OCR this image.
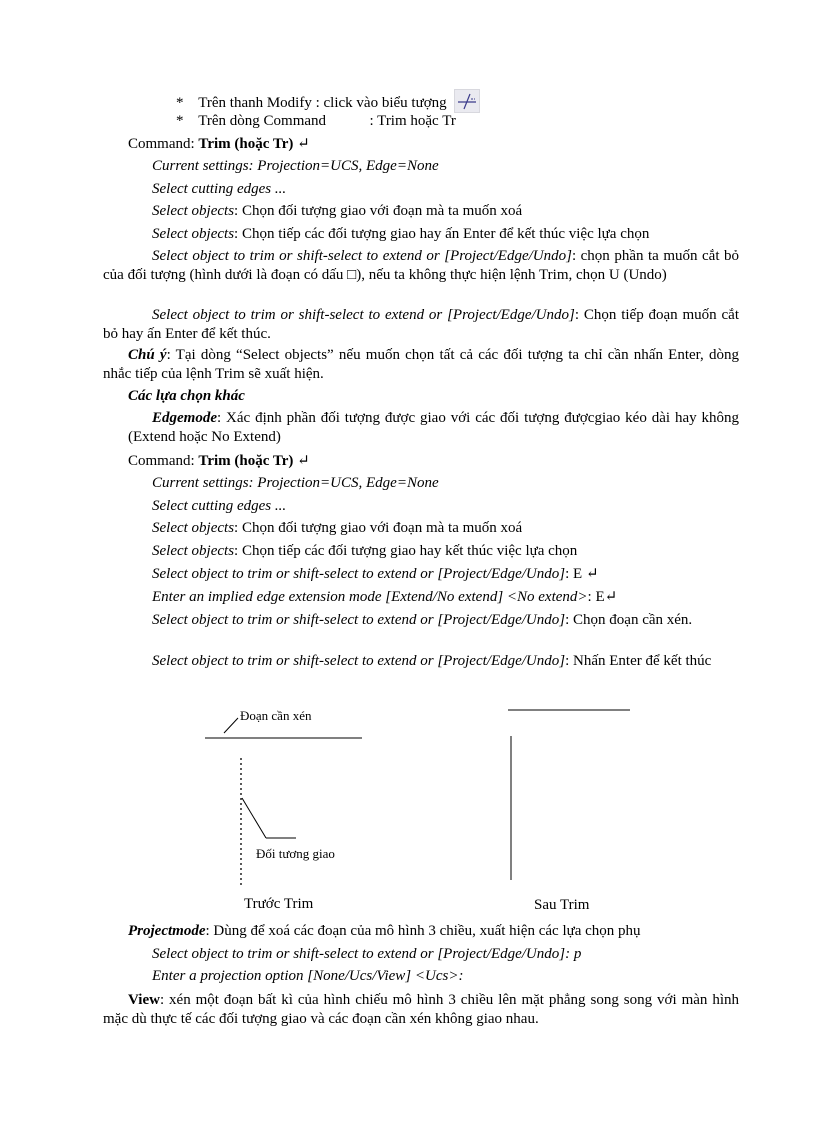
* Trên thanh Modify : click vào biểu tượng
* Trên dòng Command	: Trim hoặc Tr
Command: Trim (hoặc Tr) ↵
Current settings: Projection=UCS, Edge=None
Select cutting edges ...
Select objects: Chọn đối tượng giao với đoạn mà ta muốn xoá
Select objects: Chọn tiếp các đối tượng giao hay ấn Enter để kết thúc việc lựa chọn
Select object to trim or shift-select to extend or [Project/Edge/Undo]: chọn phần ta muốn cắt bỏ của đối tượng (hình dưới là đoạn có dấu □), nếu ta không thực hiện lệnh Trim, chọn U (Undo)
Select object to trim or shift-select to extend or [Project/Edge/Undo]: Chọn tiếp đoạn muốn cắt bỏ hay ấn Enter để kết thúc.
Chú ý: Tại dòng “Select objects” nếu muốn chọn tất cả các đối tượng ta chỉ cần nhấn Enter, dòng nhắc tiếp của lệnh Trim sẽ xuất hiện.
Các lựa chọn khác
Edgemode: Xác định phần đối tượng được giao với các đối tượng đượcgiao kéo dài hay không (Extend hoặc No Extend)
Command: Trim (hoặc Tr) ↵
Current settings: Projection=UCS, Edge=None
Select cutting edges ...
Select objects: Chọn đối tượng giao với đoạn mà ta muốn xoá
Select objects: Chọn tiếp các đối tượng giao hay kết thúc việc lựa chọn
Select object to trim or shift-select to extend or [Project/Edge/Undo]: E ↵
Enter an implied edge extension mode [Extend/No extend] <No extend>: E↵
Select object to trim or shift-select to extend or [Project/Edge/Undo]: Chọn đoạn cần xén.
Select object to trim or shift-select to extend or [Project/Edge/Undo]: Nhấn Enter để kết thúc
Đoạn cần xén
Đối tương giao
Trước Trim	Sau Trim
Projectmode: Dùng để xoá các đoạn của mô hình 3 chiều, xuất hiện các lựa chọn phụ
Select object to trim or shift-select to extend or [Project/Edge/Undo]: p
Enter a projection option [None/Ucs/View] <Ucs>:
View: xén một đoạn bất kì của hình chiếu mô hình 3 chiều lên mặt phẳng song song với màn hình mặc dù thực tế các đối tượng giao và các đoạn cần xén không giao nhau.
